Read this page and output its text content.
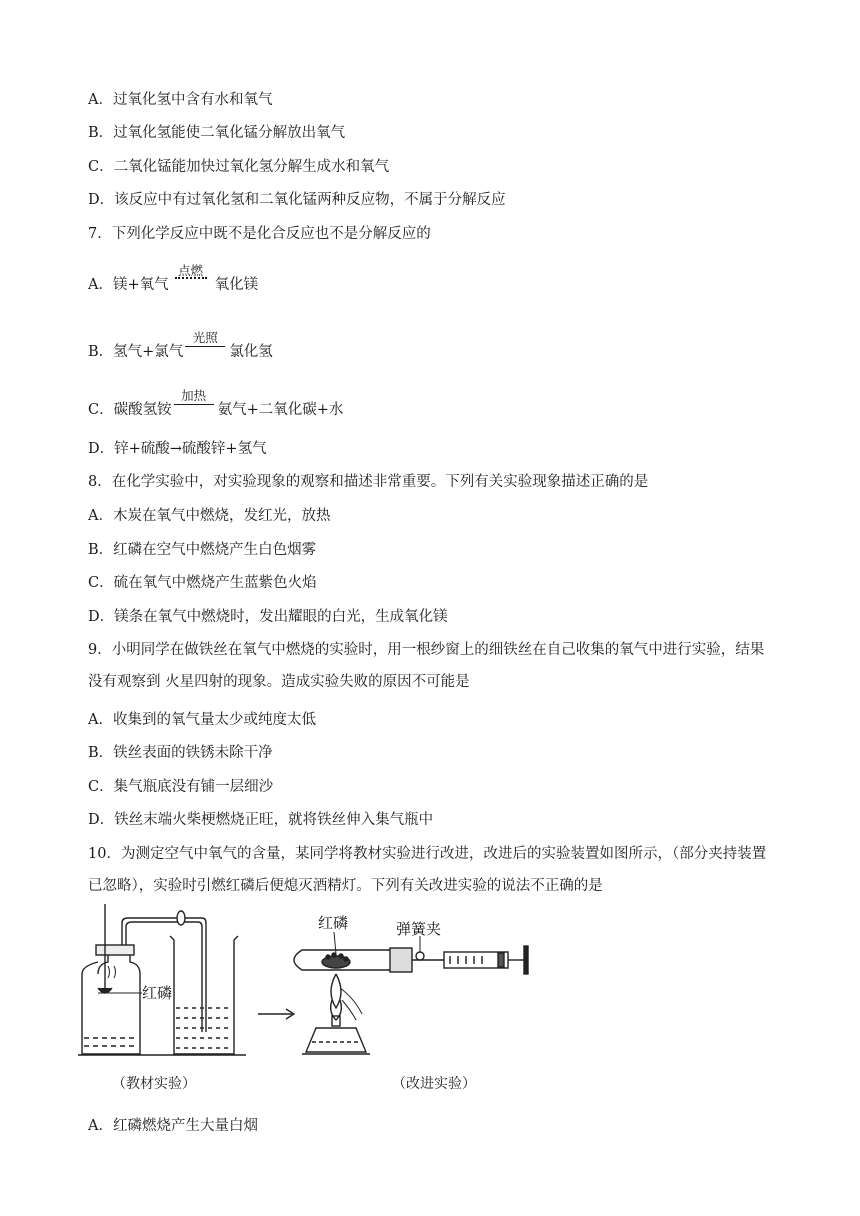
A．过氧化氢中含有水和氧气
B．过氧化氢能使二氧化锰分解放出氧气
C．二氧化锰能加快过氧化氢分解生成水和氧气
D．该反应中有过氧化氢和二氧化锰两种反应物，不属于分解反应
7．下列化学反应中既不是化合反应也不是分解反应的
A．镁+氧气
点燃
氧化镁
B．氢气+氯气
光照
氯化氢
C．碳酸氢铵
加热
氨气+二氧化碳+水
D．锌+硫酸→硫酸锌+氢气
8．在化学实验中，对实验现象的观察和描述非常重要。下列有关实验现象描述正确的是
A．木炭在氧气中燃烧，发红光，放热
B．红磷在空气中燃烧产生白色烟雾
C．硫在氧气中燃烧产生蓝紫色火焰
D．镁条在氧气中燃烧时，发出耀眼的白光，生成氧化镁
9．小明同学在做铁丝在氧气中燃烧的实验时，用一根纱窗上的细铁丝在自己收集的氧气中进行实验，结果没有观察到 火星四射的现象。造成实验失败的原因不可能是
A．收集到的氧气量太少或纯度太低
B．铁丝表面的铁锈未除干净
C．集气瓶底没有铺一层细沙
D．铁丝末端火柴梗燃烧正旺，就将铁丝伸入集气瓶中
10．为测定空气中氧气的含量，某同学将教材实验进行改进，改进后的实验装置如图所示，（部分夹持装置已忽略），实验时引燃红磷后便熄灭酒精灯。下列有关改进实验的说法不正确的是
红磷
红磷	弹簧夹
（教材实验）	（改进实验）
A．红磷燃烧产生大量白烟
